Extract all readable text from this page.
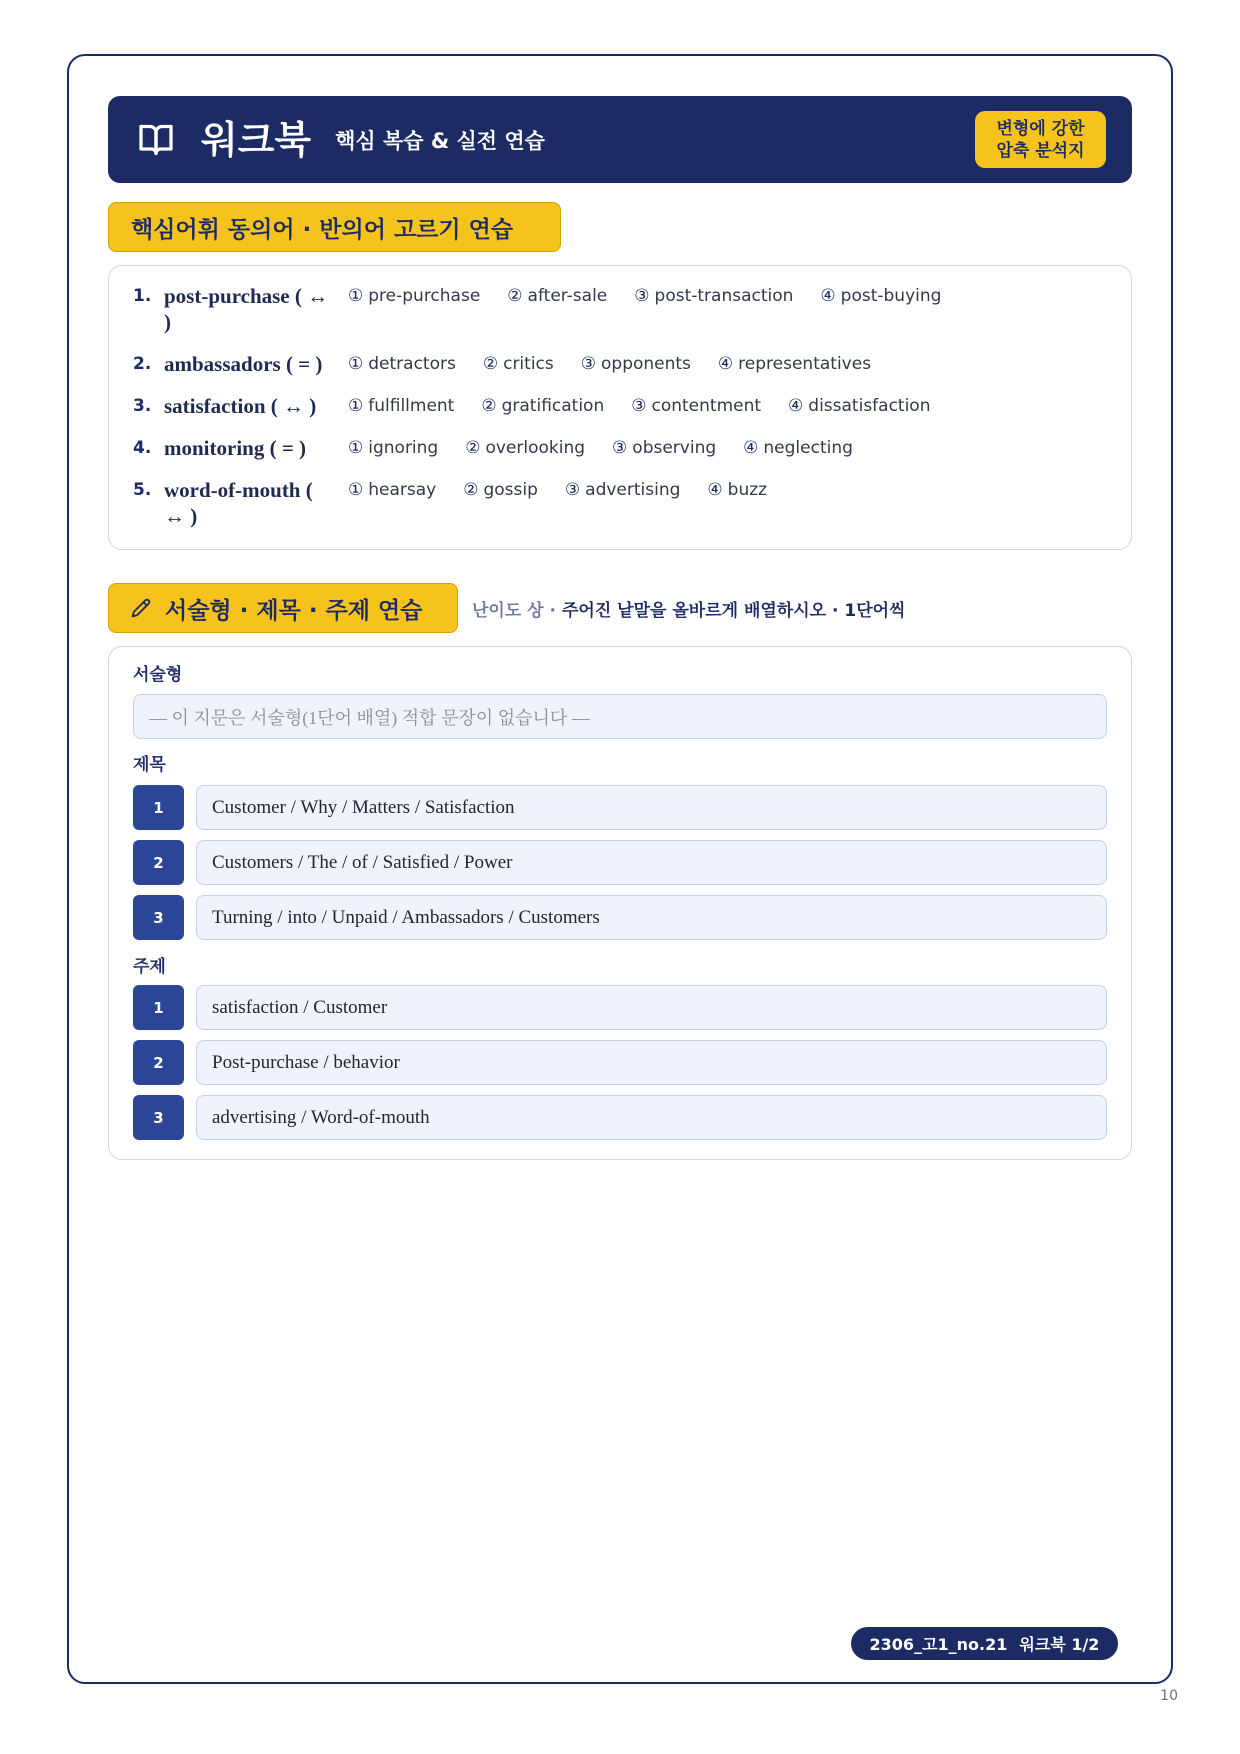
워크북 핵심 복습 & 실전 연습	변형에 강한
압축 분석지
핵심어휘 동의어 · 반의어 고르기 연습
1. post-purchase ( ↔ )
① pre-purchase ② after-sale ③ post-transaction ④ post-buying
2. ambassadors ( = )	① detractors ② critics ③ opponents ④ representatives
3. satisfaction ( ↔ )	① fulfillment ② gratification ③ contentment ④ dissatisfaction
4. monitoring ( = )	① ignoring ② overlooking ③ observing ④ neglecting
5. word-of-mouth ( ↔ )
① hearsay ② gossip ③ advertising ④ buzz
서술형 · 제목 · 주제 연습	난이도 상 · 주어진 낱말을 올바르게 배열하시오 · 1단어씩
서술형
— 이 지문은 서술형(1단어 배열) 적합 문장이 없습니다 —
제목
1	Customer / Why / Matters / Satisfaction
2	Customers / The / of / Satisfied / Power
3	Turning / into / Unpaid / Ambassadors / Customers
주제
1	satisfaction / Customer
2	Post-purchase / behavior
3	advertising / Word-of-mouth
2306_고1_no.21 워크북 1/2
10
